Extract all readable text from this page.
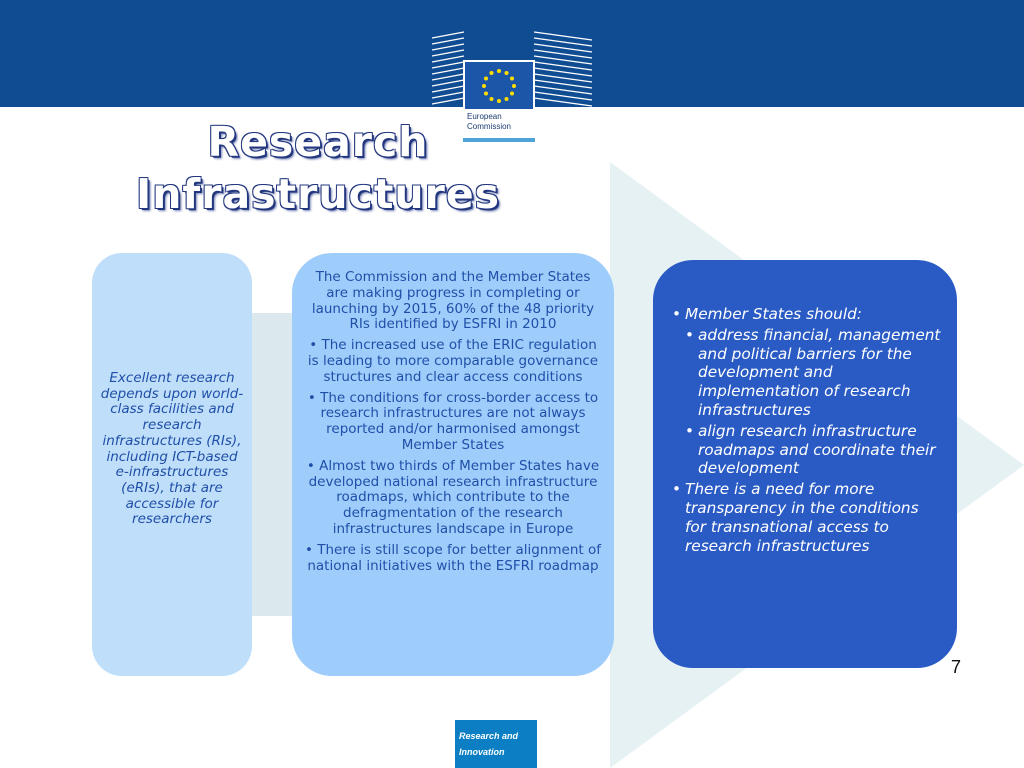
European
Commission
Research
Infrastructures
Excellent research depends upon world-class facilities and research infrastructures (RIs), including ICT-based e-infrastructures (eRIs), that are accessible for researchers

The Commission and the Member States are making progress in completing or launching by 2015, 60% of the 48 priority RIs identified by ESFRI in 2010

• The increased use of the ERIC regulation is leading to more comparable governance structures and clear access conditions

• The conditions for cross-border access to research infrastructures are not always reported and/or harmonised amongst Member States

• Almost two thirds of Member States have developed national research infrastructure roadmaps, which contribute to the defragmentation of the research infrastructures landscape in Europe

• There is still scope for better alignment of national initiatives with the ESFRI roadmap

• Member States should:
• address financial, management and political barriers for the development and implementation of research infrastructures
• align research infrastructure roadmaps and coordinate their development
• There is a need for more transparency in the conditions for transnational access to research infrastructures
7
Research and
Innovation
